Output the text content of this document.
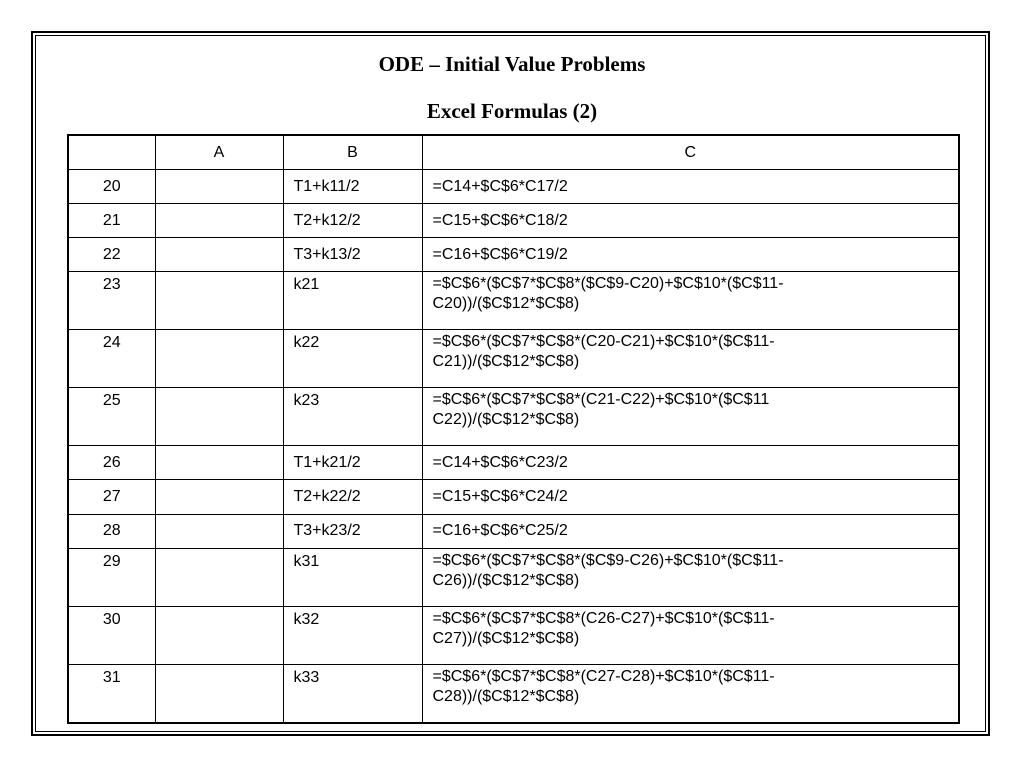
ODE – Initial Value Problems
Excel Formulas (2)
	A	B	C
20		T1+k11/2	=C14+$C$6*C17/2

21		T2+k12/2	=C15+$C$6*C18/2

22		T3+k13/2	=C16+$C$6*C19/2

23		k21	=$C$6*($C$7*$C$8*($C$9-C20)+$C$10*($C$11-
C20))/($C$12*$C$8)

24		k22	=$C$6*($C$7*$C$8*(C20-C21)+$C$10*($C$11-
C21))/($C$12*$C$8)

25		k23	=$C$6*($C$7*$C$8*(C21-C22)+$C$10*($C$11
C22))/($C$12*$C$8)

26		T1+k21/2	=C14+$C$6*C23/2

27		T2+k22/2	=C15+$C$6*C24/2

28		T3+k23/2	=C16+$C$6*C25/2

29		k31	=$C$6*($C$7*$C$8*($C$9-C26)+$C$10*($C$11-
C26))/($C$12*$C$8)

30		k32	=$C$6*($C$7*$C$8*(C26-C27)+$C$10*($C$11-
C27))/($C$12*$C$8)

31		k33	=$C$6*($C$7*$C$8*(C27-C28)+$C$10*($C$11-
C28))/($C$12*$C$8)
